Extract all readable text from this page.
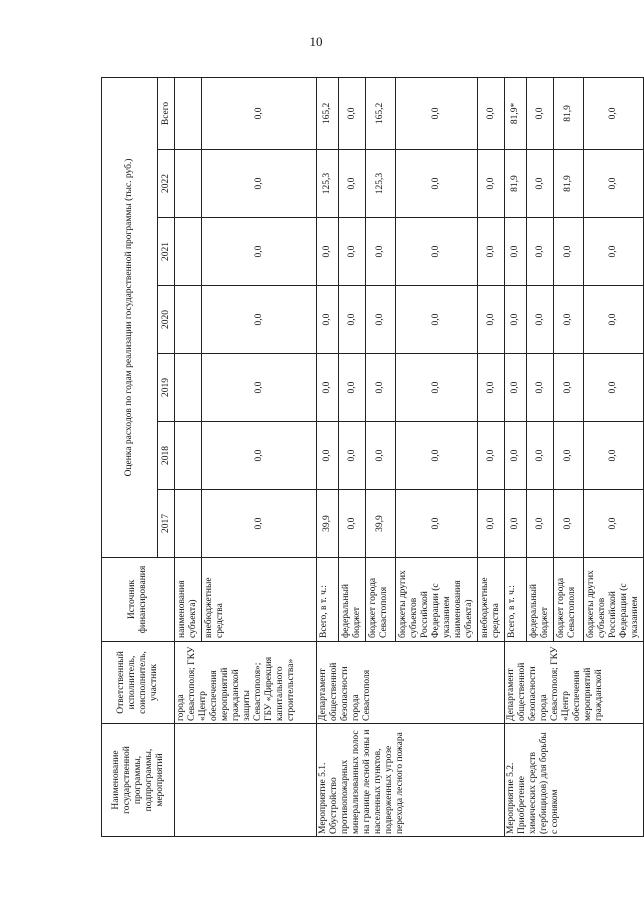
10
Наименование государственной программы, подпрограммы, мероприятий	Ответственный исполнитель, соисполнитель, участник	Источник финансирования	Оценка расходов по годам реализации государственной программы (тыс. руб.)						
			2017	2018	2019	2020	2021	2022	Всего
	города Севастополя; ГКУ «Центр обеспечения мероприятий гражданской защиты Севастополя»; ГБУ «Дирекция капитального строительства»	наименования субъекта)							
		внебюджетные средства	0,0	0,0	0,0	0,0	0,0	0,0	0,0
Мероприятие 5.1. Обустройство противопожарных минерализованных полос на границе лесной зоны и населенных пунктов, подверженных угрозе перехода лесного пожара	Департамент общественной безопасности города Севастополя	Всего, в т. ч.:	39,9	0,0	0,0	0,0	0,0	125,3	165,2
		федеральный бюджет	0,0	0,0	0,0	0,0	0,0	0,0	0,0
		бюджет города Севастополя	39,9	0,0	0,0	0,0	0,0	125,3	165,2
		бюджеты других субъектов Российской Федерации (с указанием наименования субъекта)	0,0	0,0	0,0	0,0	0,0	0,0	0,0
		внебюджетные средства	0,0	0,0	0,0	0,0	0,0	0,0	0,0
Мероприятие 5.2. Приобретение химических средств (гербицидов) для борьбы с сорняком	Департамент общественной безопасности города Севастополя; ГКУ «Центр обеспечения мероприятий гражданской	Всего, в т. ч.:	0,0	0,0	0,0	0,0	0,0	81,9	81,9*
		федеральный бюджет	0,0	0,0	0,0	0,0	0,0	0,0	0,0
		бюджет города Севастополя	0,0	0,0	0,0	0,0	0,0	81,9	81,9
		бюджеты других субъектов Российской Федерации (с указанием	0,0	0,0	0,0	0,0	0,0	0,0	0,0
